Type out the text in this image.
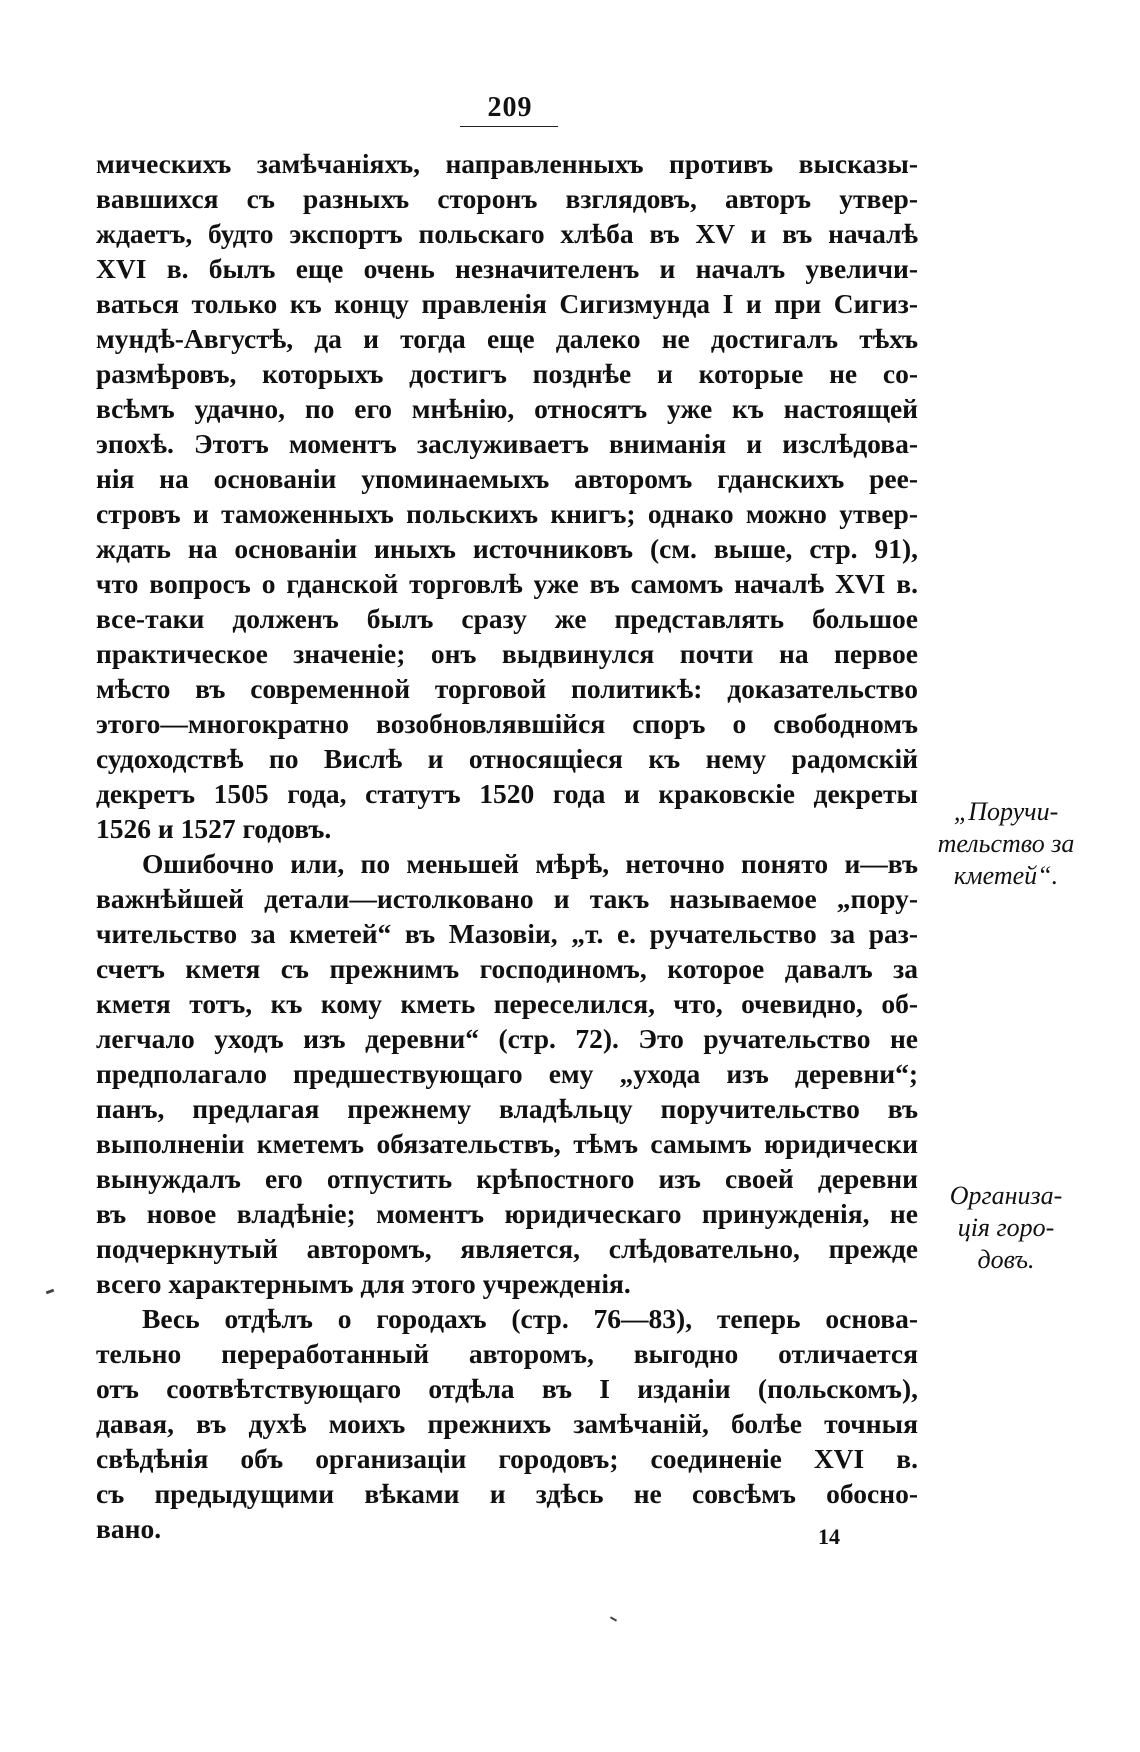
209
мическихъ замѣчаніяхъ, направленныхъ противъ высказы-
вавшихся съ разныхъ сторонъ взглядовъ, авторъ утвер-
ждаетъ, будто экспортъ польскаго хлѣба въ XV и въ началѣ
XVI в. былъ еще очень незначителенъ и началъ увеличи-
ваться только къ концу правленія Сигизмунда I и при Сигиз-
мундѣ-Августѣ, да и тогда еще далеко не достигалъ тѣхъ
размѣровъ, которыхъ достигъ позднѣе и которые не со-
всѣмъ удачно, по его мнѣнію, относятъ уже къ настоящей
эпохѣ. Этотъ моментъ заслуживаетъ вниманія и изслѣдова-
нія на основаніи упоминаемыхъ авторомъ гданскихъ рее-
стровъ и таможенныхъ польскихъ книгъ; однако можно утвер-
ждать на основаніи иныхъ источниковъ (см. выше, стр. 91),
что вопросъ о гданской торговлѣ уже въ самомъ началѣ XVI в.
все-таки долженъ былъ сразу же представлять большое
практическое значеніе; онъ выдвинулся почти на первое
мѣсто въ современной торговой политикѣ: доказательство
этого—многократно возобновлявшійся споръ о свободномъ
судоходствѣ по Вислѣ и относящіеся къ нему радомскій
декретъ 1505 года, статутъ 1520 года и краковскіе декреты
1526 и 1527 годовъ.
Ошибочно или, по меньшей мѣрѣ, неточно понято и—въ
важнѣйшей детали—истолковано и такъ называемое „пору-
чительство за кметей“ въ Мазовіи, „т. е. ручательство за раз-
счетъ кметя съ прежнимъ господиномъ, которое давалъ за
кметя тотъ, къ кому кметь переселился, что, очевидно, об-
легчало уходъ изъ деревни“ (стр. 72). Это ручательство не
предполагало предшествующаго ему „ухода изъ деревни“;
панъ, предлагая прежнему владѣльцу поручительство въ
выполненіи кметемъ обязательствъ, тѣмъ самымъ юридически
вынуждалъ его отпустить крѣпостного изъ своей деревни
въ новое владѣніе; моментъ юридическаго принужденія, не
подчеркнутый авторомъ, является, слѣдовательно, прежде
всего характернымъ для этого учрежденія.
Весь отдѣлъ о городахъ (стр. 76—83), теперь основа-
тельно переработанный авторомъ, выгодно отличается
отъ соотвѣтствующаго отдѣла въ I изданіи (польскомъ),
давая, въ духѣ моихъ прежнихъ замѣчаній, болѣе точныя
свѣдѣнія объ организаціи городовъ; соединеніе XVI в.
съ предыдущими вѣками и здѣсь не совсѣмъ обосно-
вано.
„Поручи-
тельство за
кметей“.
Организа-
ція горо-
довъ.
14
